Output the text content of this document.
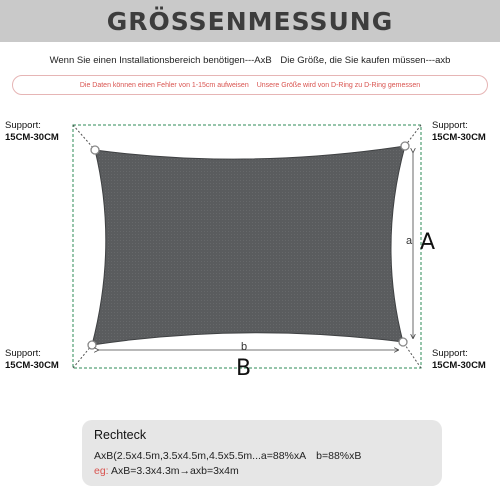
GRÖSSENMESSUNG
Wenn Sie einen Installationsbereich benötigen---AxB Die Größe, die Sie kaufen müssen---axb
Die Daten können einen Fehler von 1-15cm aufweisen Unsere Größe wird von D-Ring zu D-Ring gemessen
Support:
15CM-30CM
Support:
15CM-30CM
Support:
15CM-30CM
Support:
15CM-30CM
a A
b
B
Rechteck
AxB(2.5x4.5m,3.5x4.5m,4.5x5.5m...a=88%xA b=88%xB
eg: AxB=3.3x4.3m→axb=3x4m
